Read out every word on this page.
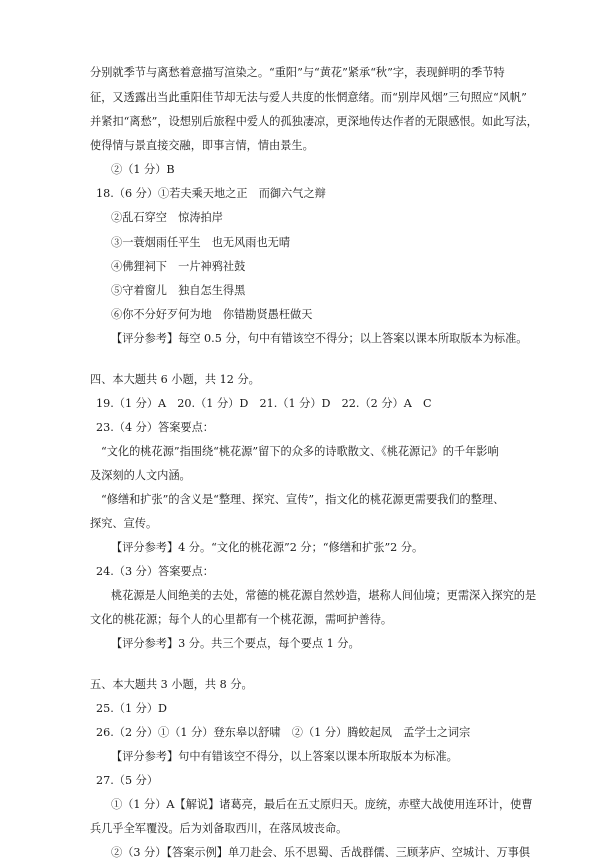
分别就季节与离愁着意描写渲染之。“重阳”与“黄花”紧承“秋”字，表现鲜明的季节特
征，又透露出当此重阳佳节却无法与爱人共度的怅惘意绪。而“别岸风烟”三句照应“风帆”
并紧扣“离愁”，设想别后旅程中爱人的孤独凄凉，更深地传达作者的无限感恨。如此写法，
使得情与景直接交融，即事言情，情由景生。
②（1 分）B
18.（6 分）①若夫乘天地之正　而御六气之辩
②乱石穿空　惊涛拍岸
③一蓑烟雨任平生　也无风雨也无晴
④佛狸祠下　一片神鸦社鼓
⑤守着窗儿　独自怎生得黑
⑥你不分好歹何为地　你错勘贤愚枉做天
【评分参考】每空 0.5 分，句中有错该空不得分；以上答案以课本所取版本为标准。
四、本大题共 6 小题，共 12 分。
19.（1 分）A　20.（1 分）D　21.（1 分）D　22.（2 分）A　C
23.（4 分）答案要点：
“文化的桃花源”指围绕“桃花源”留下的众多的诗歌散文、《桃花源记》的千年影响
及深刻的人文内涵。
“修缮和扩张”的含义是“整理、探究、宣传”，指文化的桃花源更需要我们的整理、
探究、宣传。
【评分参考】4 分。“文化的桃花源”2 分；“修缮和扩张”2 分。
24.（3 分）答案要点：
桃花源是人间绝美的去处，常德的桃花源自然妙造，堪称人间仙境；更需深入探究的是
文化的桃花源；每个人的心里都有一个桃花源，需呵护善待。
【评分参考】3 分。共三个要点，每个要点 1 分。
五、本大题共 3 小题，共 8 分。
25.（1 分）D
26.（2 分）①（1 分）登东皋以舒啸　②（1 分）腾蛟起凤　孟学士之词宗
【评分参考】句中有错该空不得分，以上答案以课本所取版本为标准。
27.（5 分）
①（1 分）A【解说】诸葛亮，最后在五丈原归天。庞统，赤壁大战使用连环计，使曹
兵几乎全军覆没。后为刘备取西川，在落凤坡丧命。
②（3 分）【答案示例】单刀赴会、乐不思蜀、舌战群儒、三顾茅庐、空城计、万事俱
